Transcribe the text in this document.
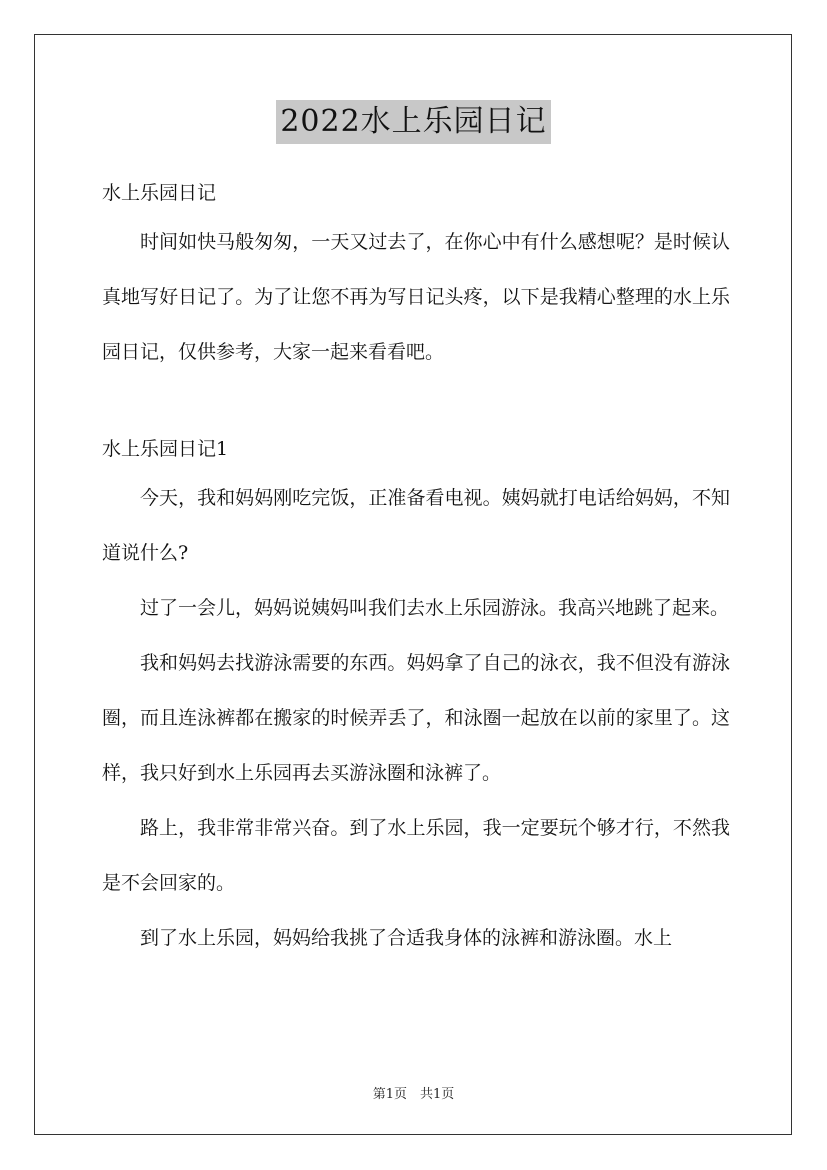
2022水上乐园日记

水上乐园日记

时间如快马般匆匆，一天又过去了，在你心中有什么感想呢？是时候认真地写好日记了。为了让您不再为写日记头疼，以下是我精心整理的水上乐园日记，仅供参考，大家一起来看看吧。

水上乐园日记1

今天，我和妈妈刚吃完饭，正准备看电视。姨妈就打电话给妈妈，不知道说什么?

过了一会儿，妈妈说姨妈叫我们去水上乐园游泳。我高兴地跳了起来。

我和妈妈去找游泳需要的东西。妈妈拿了自己的泳衣，我不但没有游泳圈，而且连泳裤都在搬家的时候弄丢了，和泳圈一起放在以前的家里了。这样，我只好到水上乐园再去买游泳圈和泳裤了。

路上，我非常非常兴奋。到了水上乐园，我一定要玩个够才行，不然我是不会回家的。

到了水上乐园，妈妈给我挑了合适我身体的泳裤和游泳圈。水上

第1页　共1页
